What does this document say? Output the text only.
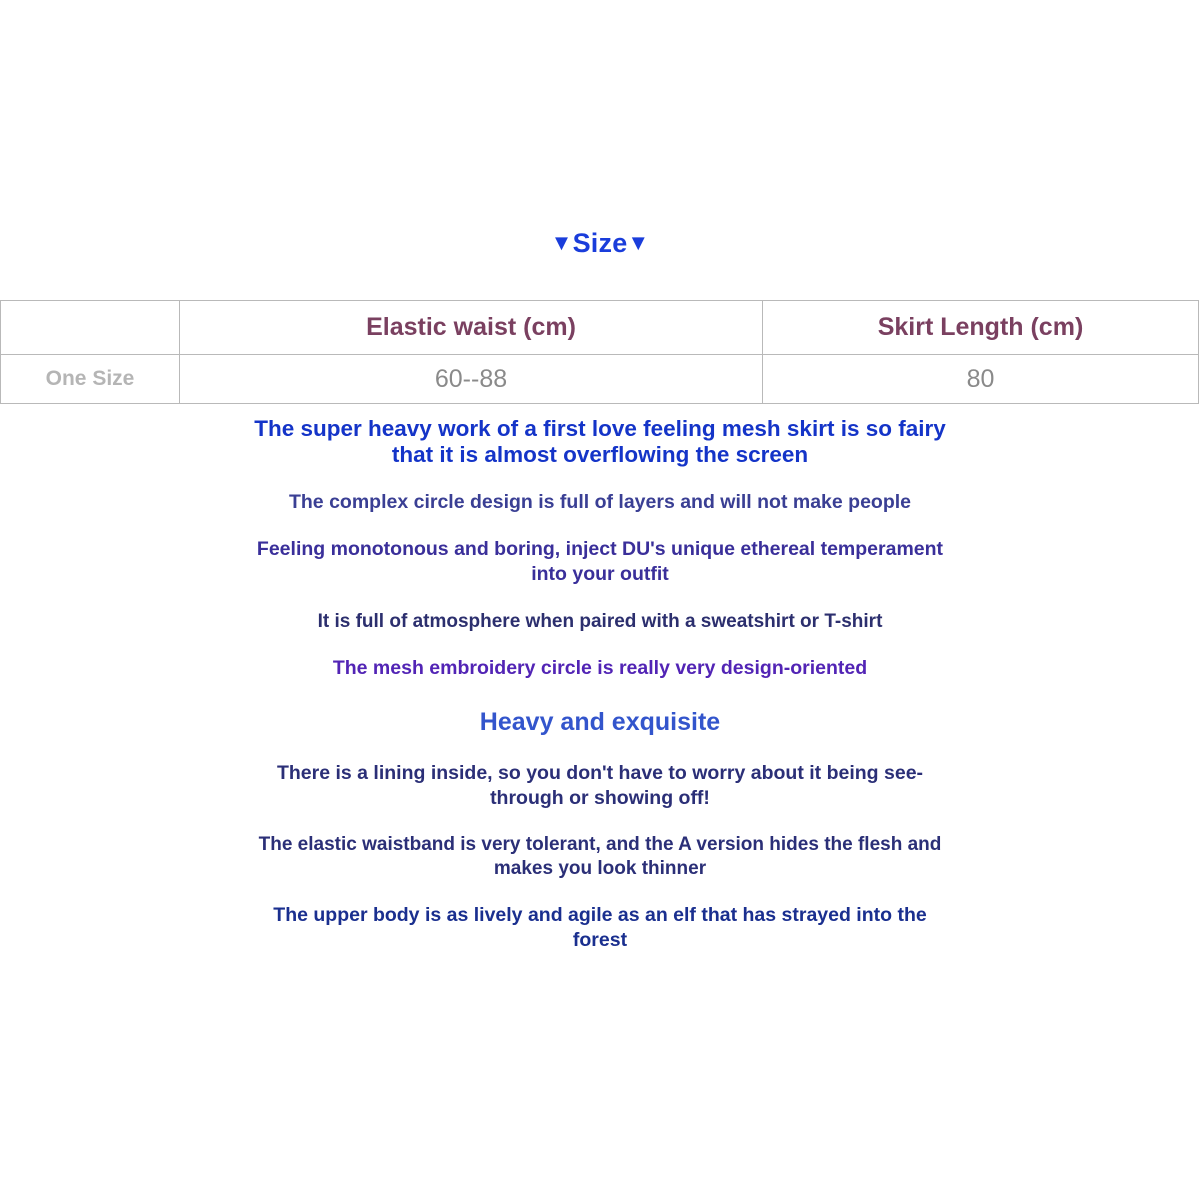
▼Size▼
	Elastic waist (cm)	Skirt Length (cm)
One Size	60--88	80

The super heavy work of a first love feeling mesh skirt is so fairy that it is almost overflowing the screen

The complex circle design is full of layers and will not make people

Feeling monotonous and boring, inject DU's unique ethereal temperament into your outfit

It is full of atmosphere when paired with a sweatshirt or T-shirt

The mesh embroidery circle is really very design-oriented

Heavy and exquisite

There is a lining inside, so you don't have to worry about it being see-through or showing off!

The elastic waistband is very tolerant, and the A version hides the flesh and makes you look thinner

The upper body is as lively and agile as an elf that has strayed into the forest
